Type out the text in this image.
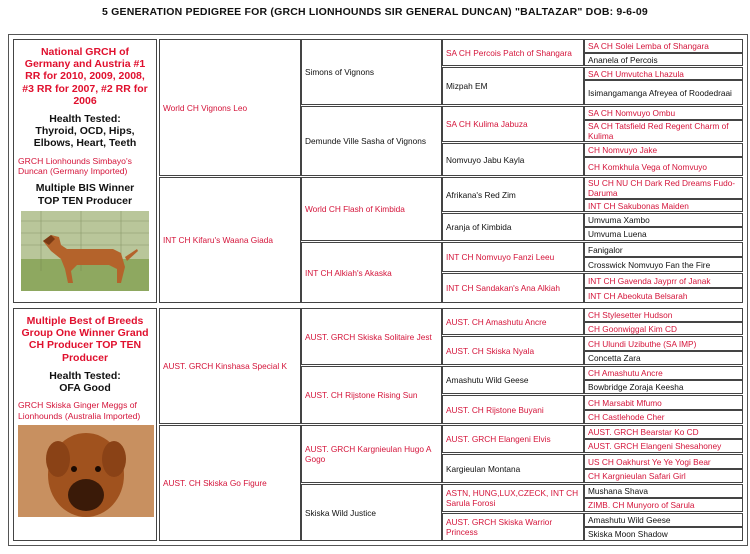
5 GENERATION PEDIGREE FOR (GRCH LIONHOUNDS SIR GENERAL DUNCAN) "BALTAZAR" DOB: 9-6-09
National GRCH of Germany and Austria #1 RR for 2010, 2009, 2008, #3 RR for 2007, #2 RR for 2006
Health Tested:
Thyroid, OCD, Hips, Elbows, Heart, Teeth
GRCH Lionhounds Simbayo's Duncan (Germany Imported)
Multiple BIS Winner
TOP TEN Producer
Multiple Best of Breeds Group One Winner Grand CH Producer TOP TEN Producer
Health Tested:
OFA Good
GRCH Skiska Ginger Meggs of Lionhounds (Australia Imported)
World CH Vignons Leo
INT CH Kifaru's Waana Giada
AUST. GRCH Kinshasa Special K
AUST. CH Skiska Go Figure
Simons of Vignons
Demunde Ville Sasha of Vignons
World CH Flash of Kimbida
INT CH Alkiah's Akaska
AUST. GRCH Skiska Solitaire Jest
AUST. CH Rijstone Rising Sun
AUST. GRCH Kargnieulan Hugo A Gogo
Skiska Wild Justice
SA CH Percois Patch of Shangara
Mizpah EM
SA CH Kulima Jabuza
Nomvuyo Jabu Kayla
Afrikana's Red Zim
Aranja of Kimbida
INT CH Nomvuyo Fanzi Leeu
INT CH Sandakan's Ana Alkiah
AUST. CH Amashutu Ancre
AUST. CH Skiska Nyala
Amashutu Wild Geese
AUST. CH Rijstone Buyani
AUST. GRCH Elangeni Elvis
Kargieulan Montana
ASTN, HUNG,LUX,CZECK, INT CH Sarula Forosi
AUST. GRCH Skiska Warrior Princess
SA CH Solei Lemba of Shangara
Ananela of Percois
SA CH Umvutcha Lhazula
Isimangamanga Afreyea of Roodedraai
SA CH Nomvuyo Ombu
SA CH Tatsfield Red Regent Charm of Kulima
CH Nomvuyo Jake
CH Komkhula Vega of Nomvuyo
SU CH NU CH Dark Red Dreams Fudo-Daruma
INT CH Sakubonas Maiden
Umvuma Xambo
Umvuma Luena
Fanigalor
Crosswick Nomvuyo Fan the Fire
INT CH Gavenda Jayprr of Janak
INT CH Abeokuta Belsarah
CH Stylesetter Hudson
CH Goonwiggal Kim CD
CH Ulundi Uzibuthe (SA IMP)
Concetta Zara
CH Amashutu Ancre
Bowbridge Zoraja Keesha
CH Marsabit Mfumo
CH Castlehode Cher
AUST. GRCH Bearstar Ko CD
AUST. GRCH Elangeni Shesahoney
US CH Oakhurst Ye Ye Yogi Bear
CH Kargnieulan Safari Girl
Mushana Shava
ZIMB. CH Munyoro of Sarula
Amashutu Wild Geese
Skiska Moon Shadow
